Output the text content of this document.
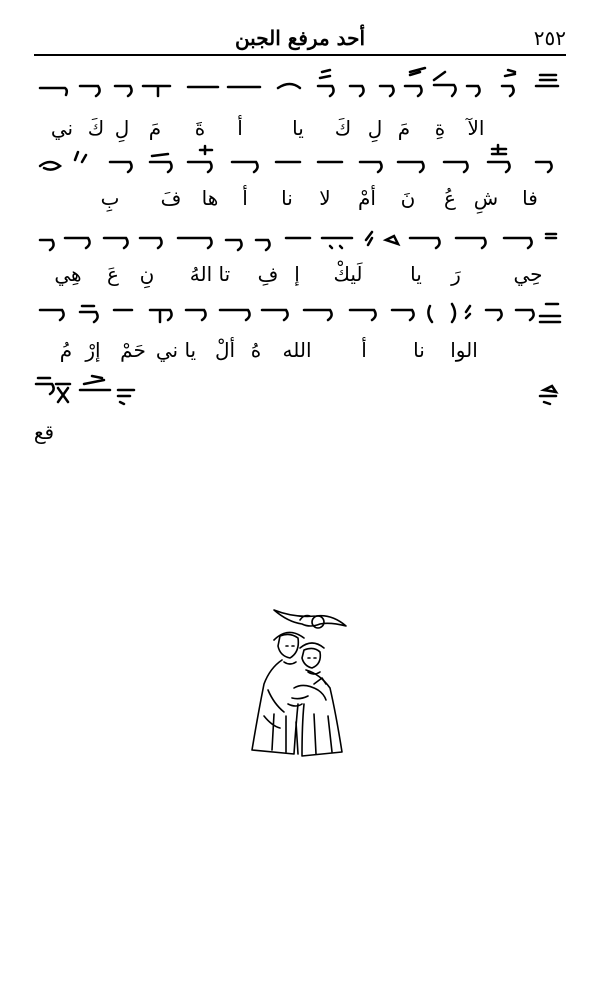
أحد مرفع الجبن	٢٥٢
ني كَ لِ مَ ةَ أ يا كَ لِ مَ ةِ الآ
بِ فَ ها أ نا لا أمْ نَ عُ شِ فا
هِي عَ نِ تا الهُ فِ إ لَيكْ يا رَ	حِي
مُ إرْ حَمْ يا ني ألْ هُ الله أ نا الوا
قع
